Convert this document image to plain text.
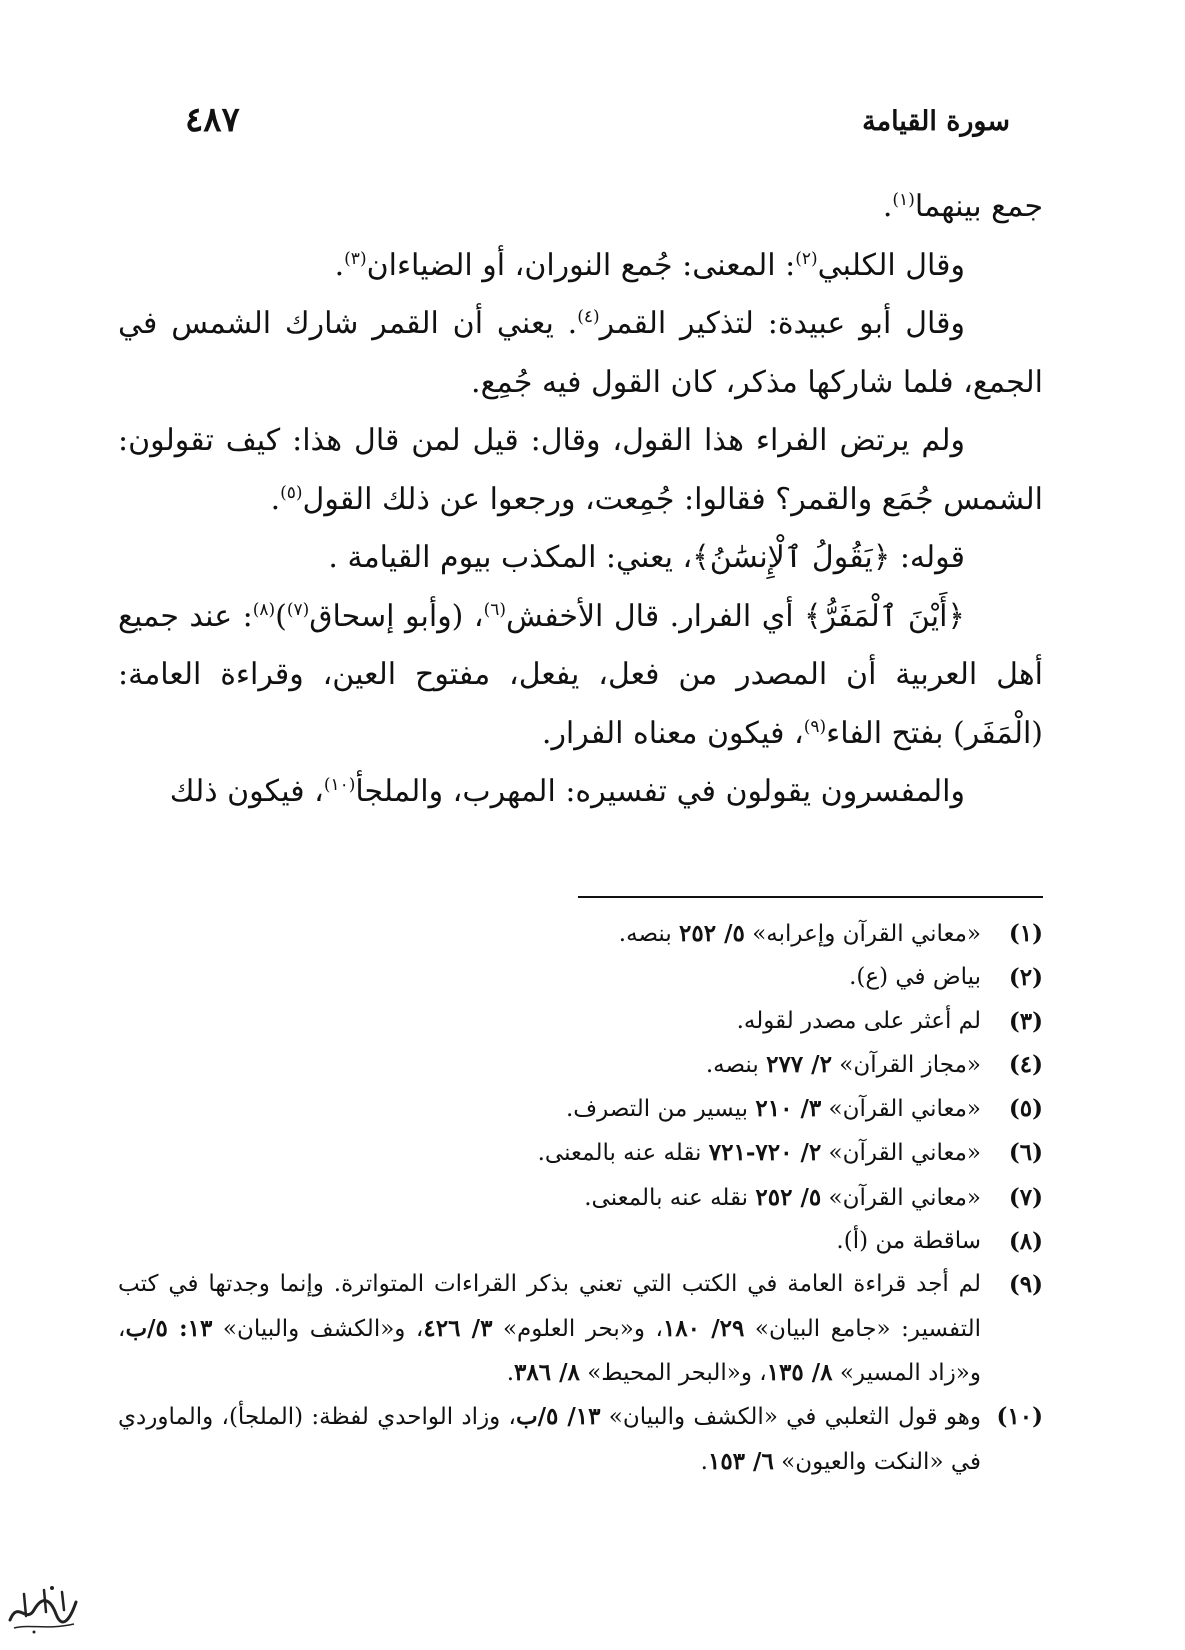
سورة القيامة
٤٨٧

جمع بينهما$^{(١)}$.

وقال الكلبي$^{(٢)}$: المعنى: جُمع النوران، أو الضياءان$^{(٣)}$.

وقال أبو عبيدة: لتذكير القمر$^{(٤)}$. يعني أن القمر شارك الشمس في الجمع، فلما شاركها مذكر، كان القول فيه جُمِع.

ولم يرتض الفراء هذا القول، وقال: قيل لمن قال هذا: كيف تقولون: الشمس جُمَع والقمر؟ فقالوا: جُمِعت، ورجعوا عن ذلك القول$^{(٥)}$.

قوله: ﴿يَقُولُ ٱلْإِنسَٰنُ﴾، يعني: المكذب بيوم القيامة .

﴿أَيْنَ ٱلْمَفَرُّ﴾ أي الفرار. قال الأخفش$^{(٦)}$، (وأبو إسحاق$^{(٧)}$)$^{(٨)}$: عند جميع أهل العربية أن المصدر من فعل، يفعل، مفتوح العين، وقراءة العامة: (الْمَفَر) بفتح الفاء$^{(٩)}$، فيكون معناه الفرار.

والمفسرون يقولون في تفسيره: المهرب، والملجأ$^{(١٠)}$، فيكون ذلك

(١)
«معاني القرآن وإعرابه» ٥/ ٢٥٢ بنصه.
(٢)
بياض في (ع).
(٣)
لم أعثر على مصدر لقوله.
(٤)
«مجاز القرآن» ٢/ ٢٧٧ بنصه.
(٥)
«معاني القرآن» ٣/ ٢١٠ بيسير من التصرف.
(٦)
«معاني القرآن» ٢/ ٧٢٠-٧٢١ نقله عنه بالمعنى.
(٧)
«معاني القرآن» ٥/ ٢٥٢ نقله عنه بالمعنى.
(٨)
ساقطة من (أ).
(٩)
لم أجد قراءة العامة في الكتب التي تعني بذكر القراءات المتواترة. وإنما وجدتها في كتب التفسير: «جامع البيان» ٢٩/ ١٨٠، و«بحر العلوم» ٣/ ٤٢٦، و«الكشف والبيان» ١٣: ٥/ب، و«زاد المسير» ٨/ ١٣٥، و«البحر المحيط» ٨/ ٣٨٦.
(١٠)
وهو قول الثعلبي في «الكشف والبيان» ١٣/ ٥/ب، وزاد الواحدي لفظة: (الملجأ)، والماوردي في «النكت والعيون» ٦/ ١٥٣.
